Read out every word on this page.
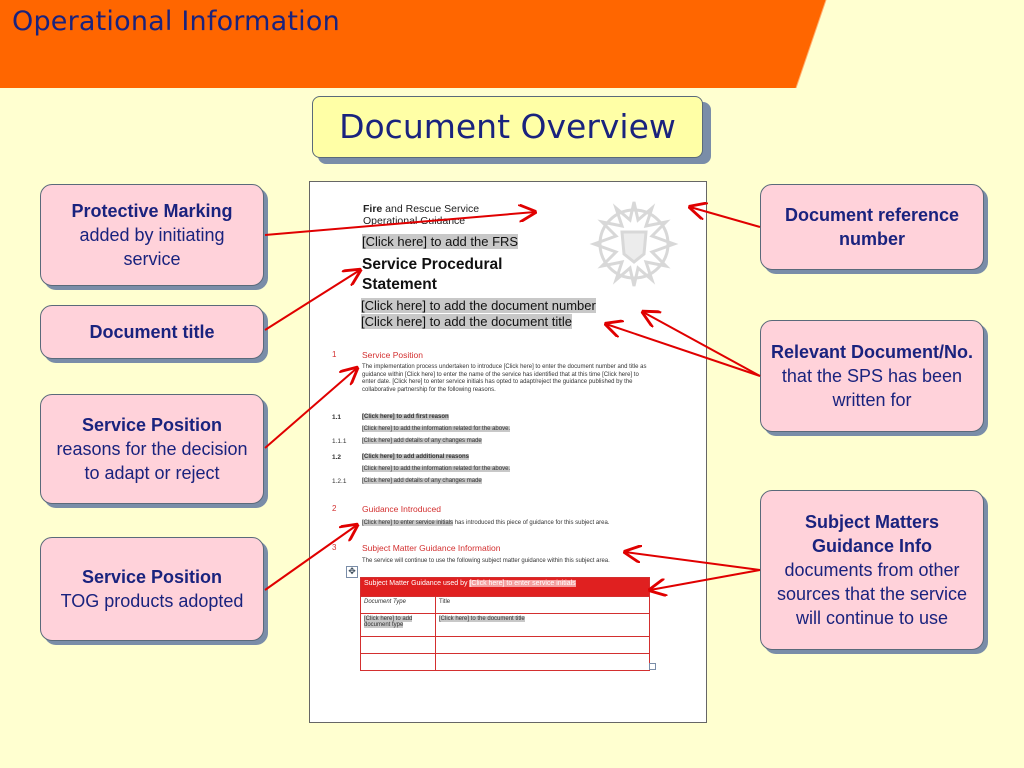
Operational Information
Document Overview
Protective Marking
added by initiating service
Document title
Service Position
reasons for the decision to adapt or reject
Service Position
TOG products adopted
Document reference number
Relevant Document/No.
that the SPS has been written for
Subject Matters Guidance Info
documents from other sources that the service will continue to use
Fire and Rescue Service
Operational Guidance
[Click here] to add the FRS
Service Procedural
Statement
[Click here] to add the document number
[Click here] to add the document title
1	Service Position
The implementation process undertaken to introduce [Click here] to enter the document number and title as guidance within [Click here] to enter the name of the service has identified that at this time [Click here] to enter date. [Click here] to enter service initials has opted to adapt/reject the guidance published by the collaborative partnership for the following reasons.
1.1	[Click here] to add first reason
[Click here] to add the information related for the above.
1.1.1	[Click here] add details of any changes made
1.2	[Click here] to add additional reasons
[Click here] to add the information related for the above.
1.2.1	[Click here] add details of any changes made
2	Guidance Introduced
[Click here] to enter service initials has introduced this piece of guidance for this subject area.
3	Subject Matter Guidance Information
The service will continue to use the following subject matter guidance within this subject area.
✥
Subject Matter Guidance used by [Click here] to enter service initials	
Document Type	Title
[Click here] to add document type	[Click here] to the document title
